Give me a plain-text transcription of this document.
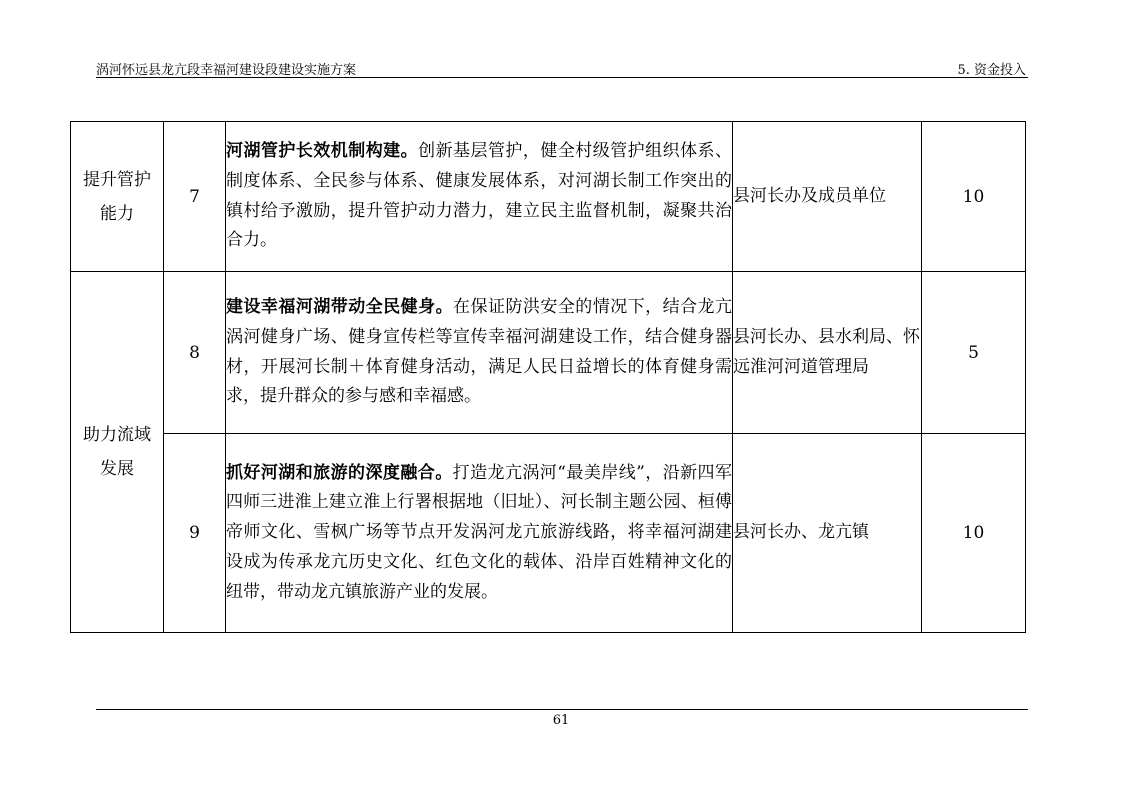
涡河怀远县龙亢段幸福河建设段建设实施方案	5. 资金投入
提升管护
能力	7	河湖管护长效机制构建。创新基层管护，健全村级管护组织体系、制度体系、全民参与体系、健康发展体系，对河湖长制工作突出的镇村给予激励，提升管护动力潜力，建立民主监督机制，凝聚共治合力。	县河长办及成员单位	10
助力流域
发展	8	建设幸福河湖带动全民健身。在保证防洪安全的情况下，结合龙亢涡河健身广场、健身宣传栏等宣传幸福河湖建设工作，结合健身器材，开展河长制＋体育健身活动，满足人民日益增长的体育健身需求，提升群众的参与感和幸福感。	县河长办、县水利局、怀远淮河河道管理局	5
	9	抓好河湖和旅游的深度融合。打造龙亢涡河“最美岸线”，沿新四军四师三进淮上建立淮上行署根据地（旧址）、河长制主题公园、桓傅帝师文化、雪枫广场等节点开发涡河龙亢旅游线路，将幸福河湖建设成为传承龙亢历史文化、红色文化的载体、沿岸百姓精神文化的纽带，带动龙亢镇旅游产业的发展。	县河长办、龙亢镇	10
61
